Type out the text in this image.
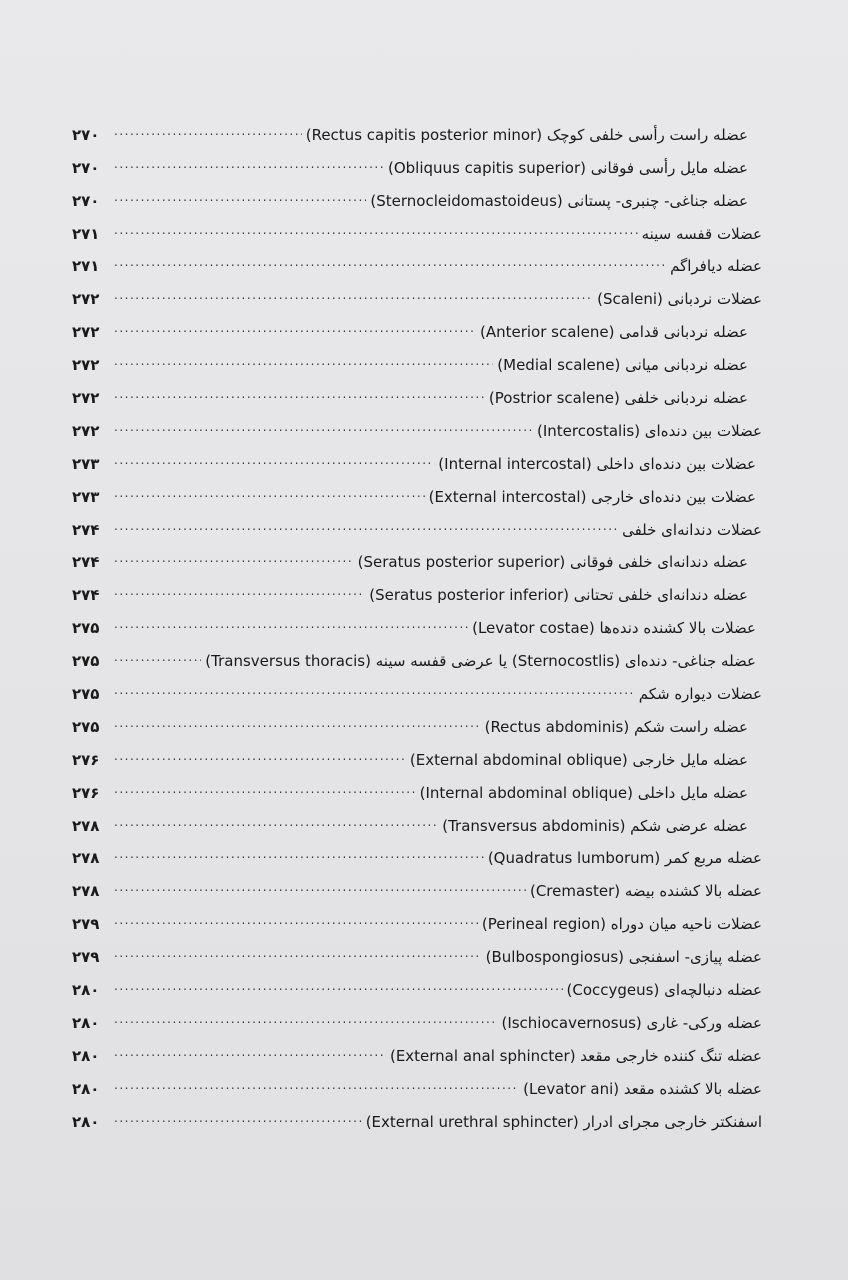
عضله راست رأسی خلفی کوچک (Rectus capitis posterior minor)
.....
۲۷۰
عضله مایل رأسی فوقانی (Obliquus capitis superior)
.....
۲۷۰
عضله جناغی- چنبری- پستانی (Sternocleidomastoideus)
.....
۲۷۰
عضلات قفسه سینه
.....
۲۷۱
عضله دیافراگم
.....
۲۷۱
عضلات نردبانی (Scaleni)
.....
۲۷۲
عضله نردبانی قدامی (Anterior scalene)
.....
۲۷۲
عضله نردبانی میانی (Medial scalene)
.....
۲۷۲
عضله نردبانی خلفی (Postrior scalene)
.....
۲۷۲
عضلات بین دنده‌ای (Intercostalis)
.....
۲۷۲
عضلات بین دنده‌ای داخلی (Internal intercostal)
.....
۲۷۳
عضلات بین دنده‌ای خارجی (External intercostal)
.....
۲۷۳
عضلات دندانه‌ای خلفی
.....
۲۷۴
عضله دندانه‌ای خلفی فوقانی (Seratus posterior superior)
.....
۲۷۴
عضله دندانه‌ای خلفی تحتانی (Seratus posterior inferior)
.....
۲۷۴
عضلات بالا کشنده دنده‌ها (Levator costae)
.....
۲۷۵
عضله جناغی- دنده‌ای (Sternocostlis) یا عرضی قفسه سینه (Transversus thoracis)
.....
۲۷۵
عضلات دیواره شکم
.....
۲۷۵
عضله راست شکم (Rectus abdominis)
.....
۲۷۵
عضله مایل خارجی (External abdominal oblique)
.....
۲۷۶
عضله مایل داخلی (Internal abdominal oblique)
.....
۲۷۶
عضله عرضی شکم (Transversus abdominis)
.....
۲۷۸
عضله مربع کمر (Quadratus lumborum)
.....
۲۷۸
عضله بالا کشنده بیضه (Cremaster)
.....
۲۷۸
عضلات ناحیه میان دوراه (Perineal region)
.....
۲۷۹
عضله پیازی- اسفنجی (Bulbospongiosus)
.....
۲۷۹
عضله دنبالچه‌ای (Coccygeus)
.....
۲۸۰
عضله ورکی- غاری (Ischiocavernosus)
.....
۲۸۰
عضله تنگ کننده خارجی مقعد (External anal sphincter)
.....
۲۸۰
عضله بالا کشنده مقعد (Levator ani)
.....
۲۸۰
اسفنکتر خارجی مجرای ادرار (External urethral sphincter)
.....
۲۸۰
